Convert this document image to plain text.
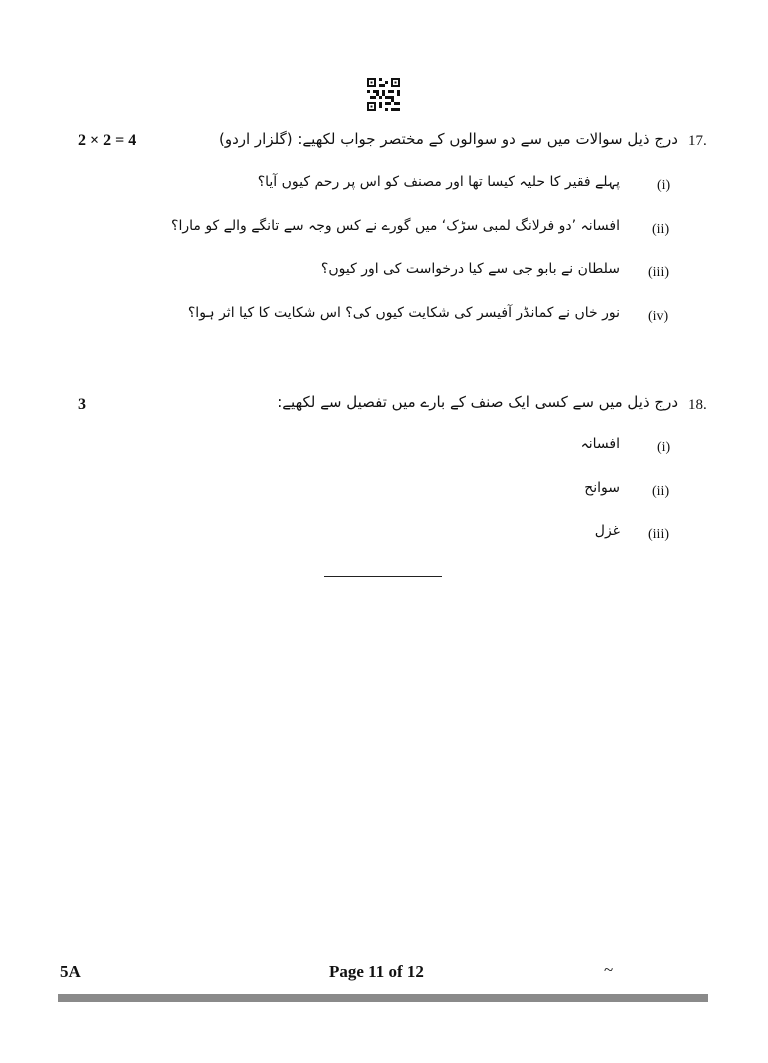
2 × 2 = 4	درج ذیل سوالات میں سے دو سوالوں کے مختصر جواب لکھیے: (گلزار اردو) 17.
پہلے فقیر کا حلیہ کیسا تھا اور مصنف کو اس پر رحم کیوں آیا؟	(i)
افسانہ ’دو فرلانگ لمبی سڑک‘ میں گورے نے کس وجہ سے تانگے والے کو مارا؟ (ii)
سلطان نے بابو جی سے کیا درخواست کی اور کیوں؟ (iii)
نور خاں نے کمانڈر آفیسر کی شکایت کیوں کی؟ اس شکایت کا کیا اثر ہوا؟ (iv)
3	درج ذیل میں سے کسی ایک صنف کے بارے میں تفصیل سے لکھیے: 18.
افسانہ	(i)
سوانح (ii)
غزل (iii)
5A	Page 11 of 12	~
